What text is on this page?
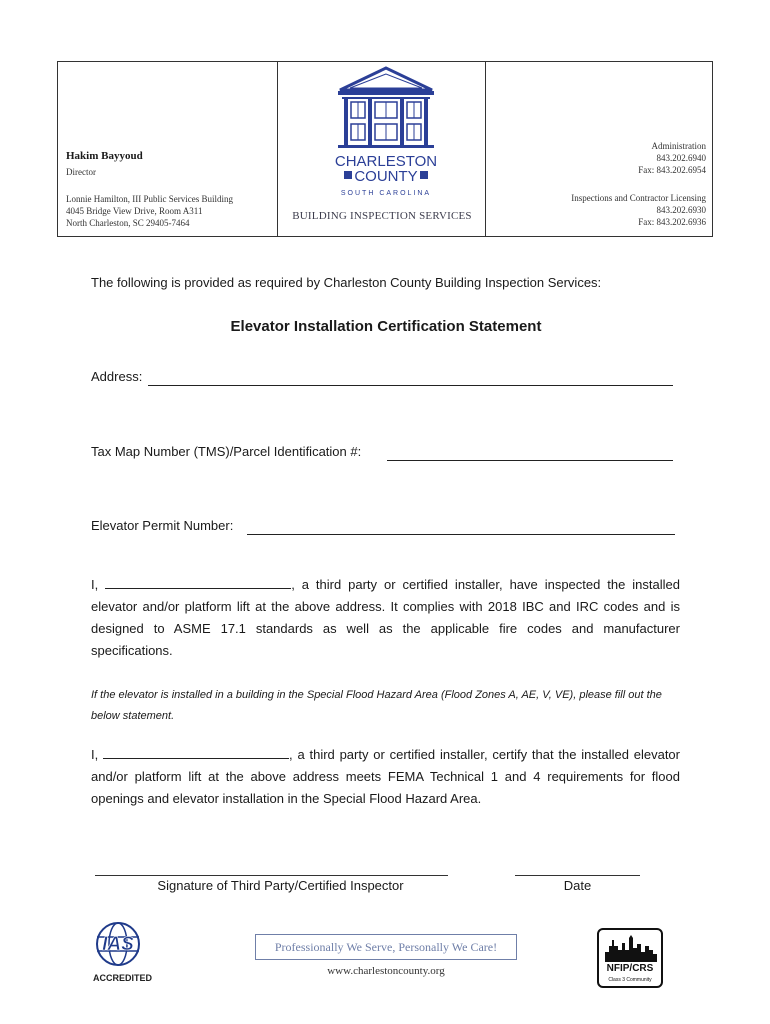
Hakim Bayyoud
Director
Lonnie Hamilton, III Public Services Building
4045 Bridge View Drive, Room A311
North Charleston, SC 29405-7464
CHARLESTON
COUNTY
SOUTH CAROLINA
BUILDING INSPECTION SERVICES
Administration
843.202.6940
Fax: 843.202.6954
Inspections and Contractor Licensing
843.202.6930
Fax: 843.202.6936
The following is provided as required by Charleston County Building Inspection Services:
Elevator Installation Certification Statement
Address:
Tax Map Number (TMS)/Parcel Identification #:
Elevator Permit Number:
I,	, a third party or certified installer, have inspected the installed elevator and/or platform lift at the above address. It complies with 2018 IBC and IRC codes and is designed to ASME 17.1 standards as well as the applicable fire codes and manufacturer specifications.
If the elevator is installed in a building in the Special Flood Hazard Area (Flood Zones A, AE, V, VE), please fill out the below statement.
I,	, a third party or certified installer, certify that the installed elevator and/or platform lift at the above address meets FEMA Technical 1 and 4 requirements for flood openings and elevator installation in the Special Flood Hazard Area.
Signature of Third Party/Certified Inspector	Date
IAS
ACCREDITED
Professionally We Serve, Personally We Care!
www.charlestoncounty.org	NFIP/CRS
Class 3 Community
